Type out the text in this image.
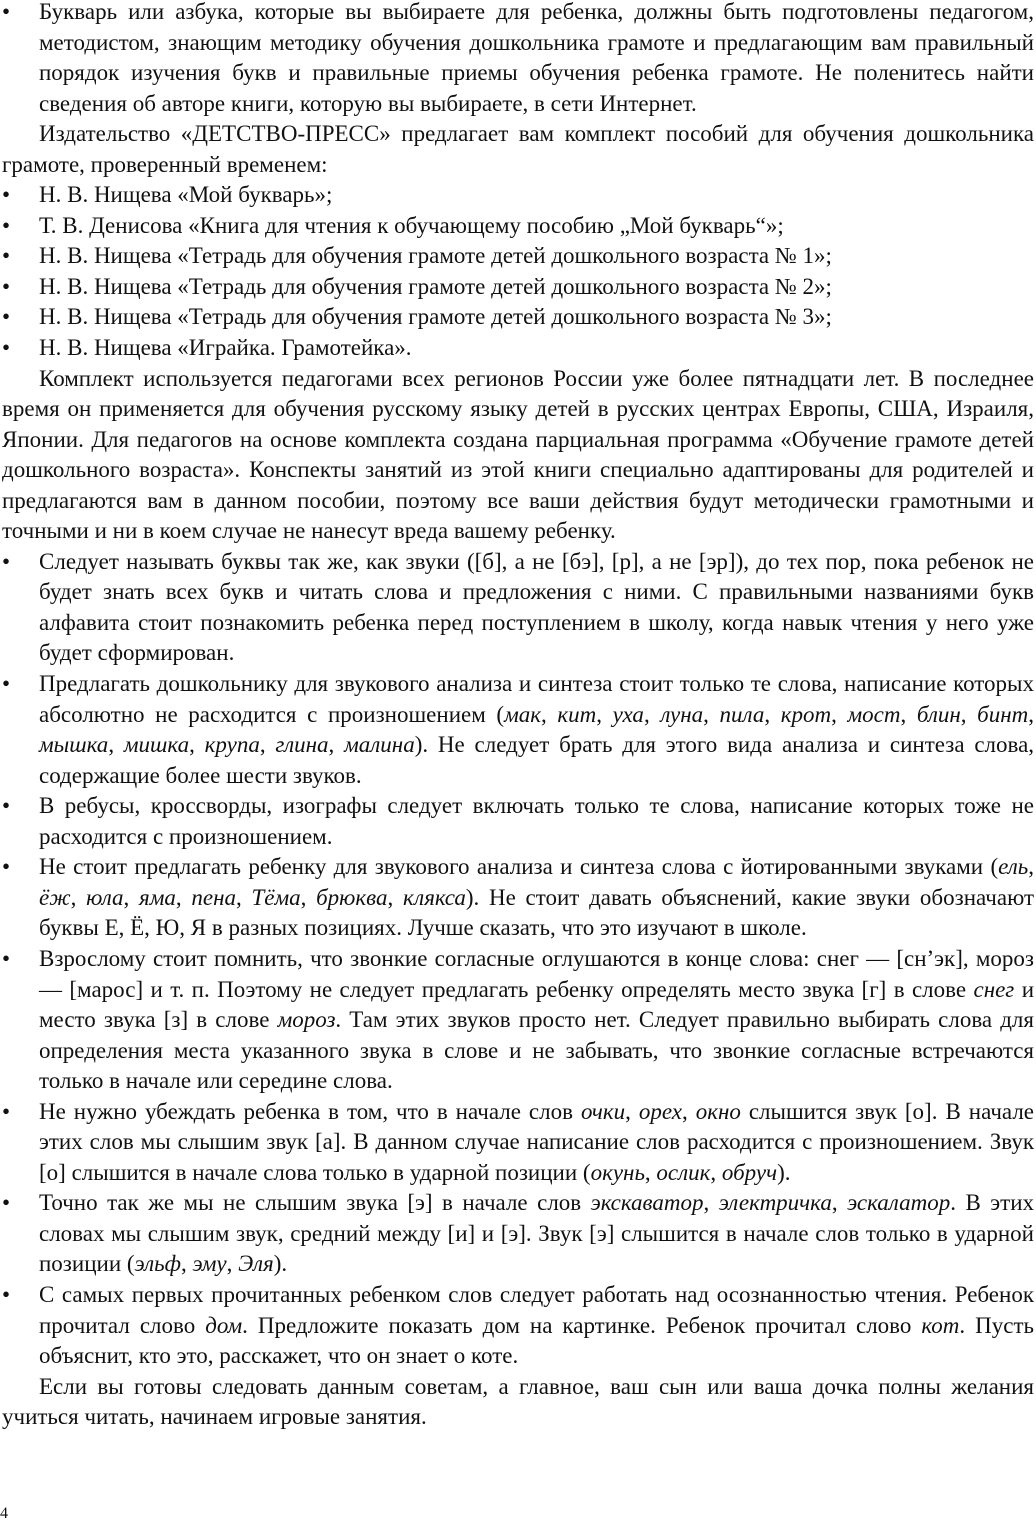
• Букварь или азбука, которые вы выбираете для ребенка, должны быть подготовлены педагогом, методистом, знающим методику обучения дошкольника грамоте и предлагающим вам правильный порядок изучения букв и правильные приемы обучения ребенка грамоте. Не поленитесь найти сведения об авторе книги, которую вы выбираете, в сети Интернет.
Издательство «ДЕТСТВО-ПРЕСС» предлагает вам комплект пособий для обучения дошкольника грамоте, проверенный временем:
• Н. В. Нищева «Мой букварь»;
• Т. В. Денисова «Книга для чтения к обучающему пособию „Мой букварь“»;
• Н. В. Нищева «Тетрадь для обучения грамоте детей дошкольного возраста № 1»;
• Н. В. Нищева «Тетрадь для обучения грамоте детей дошкольного возраста № 2»;
• Н. В. Нищева «Тетрадь для обучения грамоте детей дошкольного возраста № 3»;
• Н. В. Нищева «Играйка. Грамотейка».
Комплект используется педагогами всех регионов России уже более пятнадцати лет. В последнее время он применяется для обучения русскому языку детей в русских центрах Европы, США, Израиля, Японии. Для педагогов на основе комплекта создана парциальная программа «Обучение грамоте детей дошкольного возраста». Конспекты занятий из этой книги специально адаптированы для родителей и предлагаются вам в данном пособии, поэтому все ваши действия будут методически грамотными и точными и ни в коем случае не нанесут вреда вашему ребенку.
• Следует называть буквы так же, как звуки ([б], а не [бэ], [р], а не [эр]), до тех пор, пока ребенок не будет знать всех букв и читать слова и предложения с ними. С правильными названиями букв алфавита стоит познакомить ребенка перед поступлением в школу, когда навык чтения у него уже будет сформирован.
• Предлагать дошкольнику для звукового анализа и синтеза стоит только те слова, написание которых абсолютно не расходится с произношением (мак, кит, уха, луна, пила, крот, мост, блин, бинт, мышка, мишка, крупа, глина, малина). Не следует брать для этого вида анализа и синтеза слова, содержащие более шести звуков.
• В ребусы, кроссворды, изографы следует включать только те слова, написание которых тоже не расходится с произношением.
• Не стоит предлагать ребенку для звукового анализа и синтеза слова с йотированными звуками (ель, ёж, юла, яма, пена, Тёма, брюква, клякса). Не стоит давать объяснений, какие звуки обозначают буквы Е, Ё, Ю, Я в разных позициях. Лучше сказать, что это изучают в школе.
• Взрослому стоит помнить, что звонкие согласные оглушаются в конце слова: снег — [сн’эк], мороз — [марос] и т. п. Поэтому не следует предлагать ребенку определять место звука [г] в слове снег и место звука [з] в слове мороз. Там этих звуков просто нет. Следует правильно выбирать слова для определения места указанного звука в слове и не забывать, что звонкие согласные встречаются только в начале или середине слова.
• Не нужно убеждать ребенка в том, что в начале слов очки, орех, окно слышится звук [о]. В начале этих слов мы слышим звук [а]. В данном случае написание слов расходится с произношением. Звук [о] слышится в начале слова только в ударной позиции (окунь, ослик, обруч).
• Точно так же мы не слышим звука [э] в начале слов экскаватор, электричка, эскалатор. В этих словах мы слышим звук, средний между [и] и [э]. Звук [э] слышится в начале слов только в ударной позиции (эльф, эму, Эля).
• С самых первых прочитанных ребенком слов следует работать над осознанностью чтения. Ребенок прочитал слово дом. Предложите показать дом на картинке. Ребенок прочитал слово кот. Пусть объяснит, кто это, расскажет, что он знает о коте.
Если вы готовы следовать данным советам, а главное, ваш сын или ваша дочка полны желания учиться читать, начинаем игровые занятия.
4
